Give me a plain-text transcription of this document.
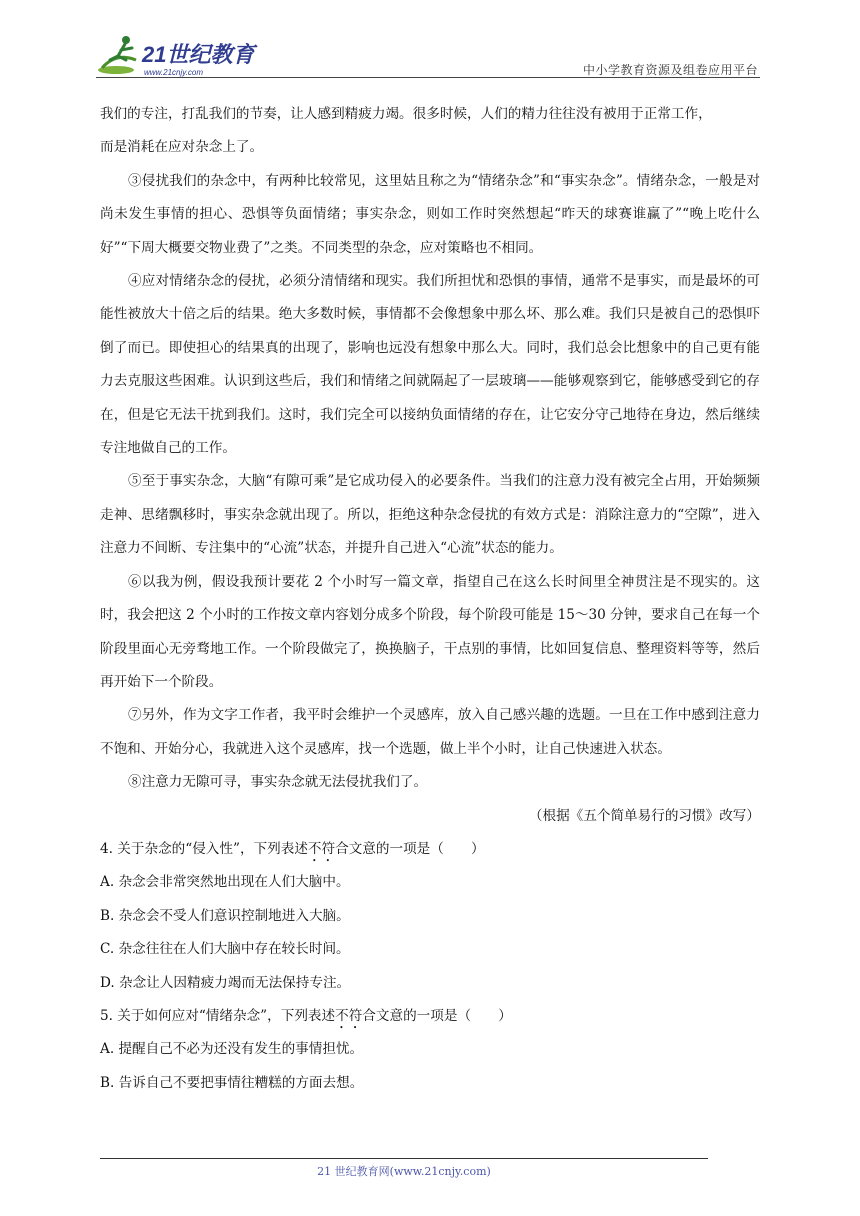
21世纪教育
www.21cnjy.com	中小学教育资源及组卷应用平台

我们的专注，打乱我们的节奏，让人感到精疲力竭。很多时候，人们的精力往往没有被用于正常工作，
而是消耗在应对杂念上了。

③侵扰我们的杂念中，有两种比较常见，这里姑且称之为“情绪杂念”和“事实杂念”。情绪杂念，一般是对尚未发生事情的担心、恐惧等负面情绪；事实杂念，则如工作时突然想起“昨天的球赛谁赢了”“晚上吃什么好”“下周大概要交物业费了”之类。不同类型的杂念，应对策略也不相同。

④应对情绪杂念的侵扰，必须分清情绪和现实。我们所担忧和恐惧的事情，通常不是事实，而是最坏的可能性被放大十倍之后的结果。绝大多数时候，事情都不会像想象中那么坏、那么难。我们只是被自己的恐惧吓倒了而已。即使担心的结果真的出现了，影响也远没有想象中那么大。同时，我们总会比想象中的自己更有能力去克服这些困难。认识到这些后，我们和情绪之间就隔起了一层玻璃——能够观察到它，能够感受到它的存在，但是它无法干扰到我们。这时，我们完全可以接纳负面情绪的存在，让它安分守己地待在身边，然后继续专注地做自己的工作。

⑤至于事实杂念，大脑“有隙可乘”是它成功侵入的必要条件。当我们的注意力没有被完全占用，开始频频走神、思绪飘移时，事实杂念就出现了。所以，拒绝这种杂念侵扰的有效方式是：消除注意力的“空隙”，进入注意力不间断、专注集中的“心流”状态，并提升自己进入“心流”状态的能力。

⑥以我为例，假设我预计要花 2 个小时写一篇文章，指望自己在这么长时间里全神贯注是不现实的。这时，我会把这 2 个小时的工作按文章内容划分成多个阶段，每个阶段可能是 15～30 分钟，要求自己在每一个阶段里面心无旁骛地工作。一个阶段做完了，换换脑子，干点别的事情，比如回复信息、整理资料等等，然后再开始下一个阶段。

⑦另外，作为文字工作者，我平时会维护一个灵感库，放入自己感兴趣的选题。一旦在工作中感到注意力不饱和、开始分心，我就进入这个灵感库，找一个选题，做上半个小时，让自己快速进入状态。

⑧注意力无隙可寻，事实杂念就无法侵扰我们了。

（根据《五个简单易行的习惯》改写）

4. 关于杂念的“侵入性”，下列表述不符合文意的一项是（　　）

A. 杂念会非常突然地出现在人们大脑中。

B. 杂念会不受人们意识控制地进入大脑。

C. 杂念往往在人们大脑中存在较长时间。

D. 杂念让人因精疲力竭而无法保持专注。

5. 关于如何应对“情绪杂念”，下列表述不符合文意的一项是（　　）

A. 提醒自己不必为还没有发生的事情担忧。

B. 告诉自己不要把事情往糟糕的方面去想。

21 世纪教育网(www.21cnjy.com)
